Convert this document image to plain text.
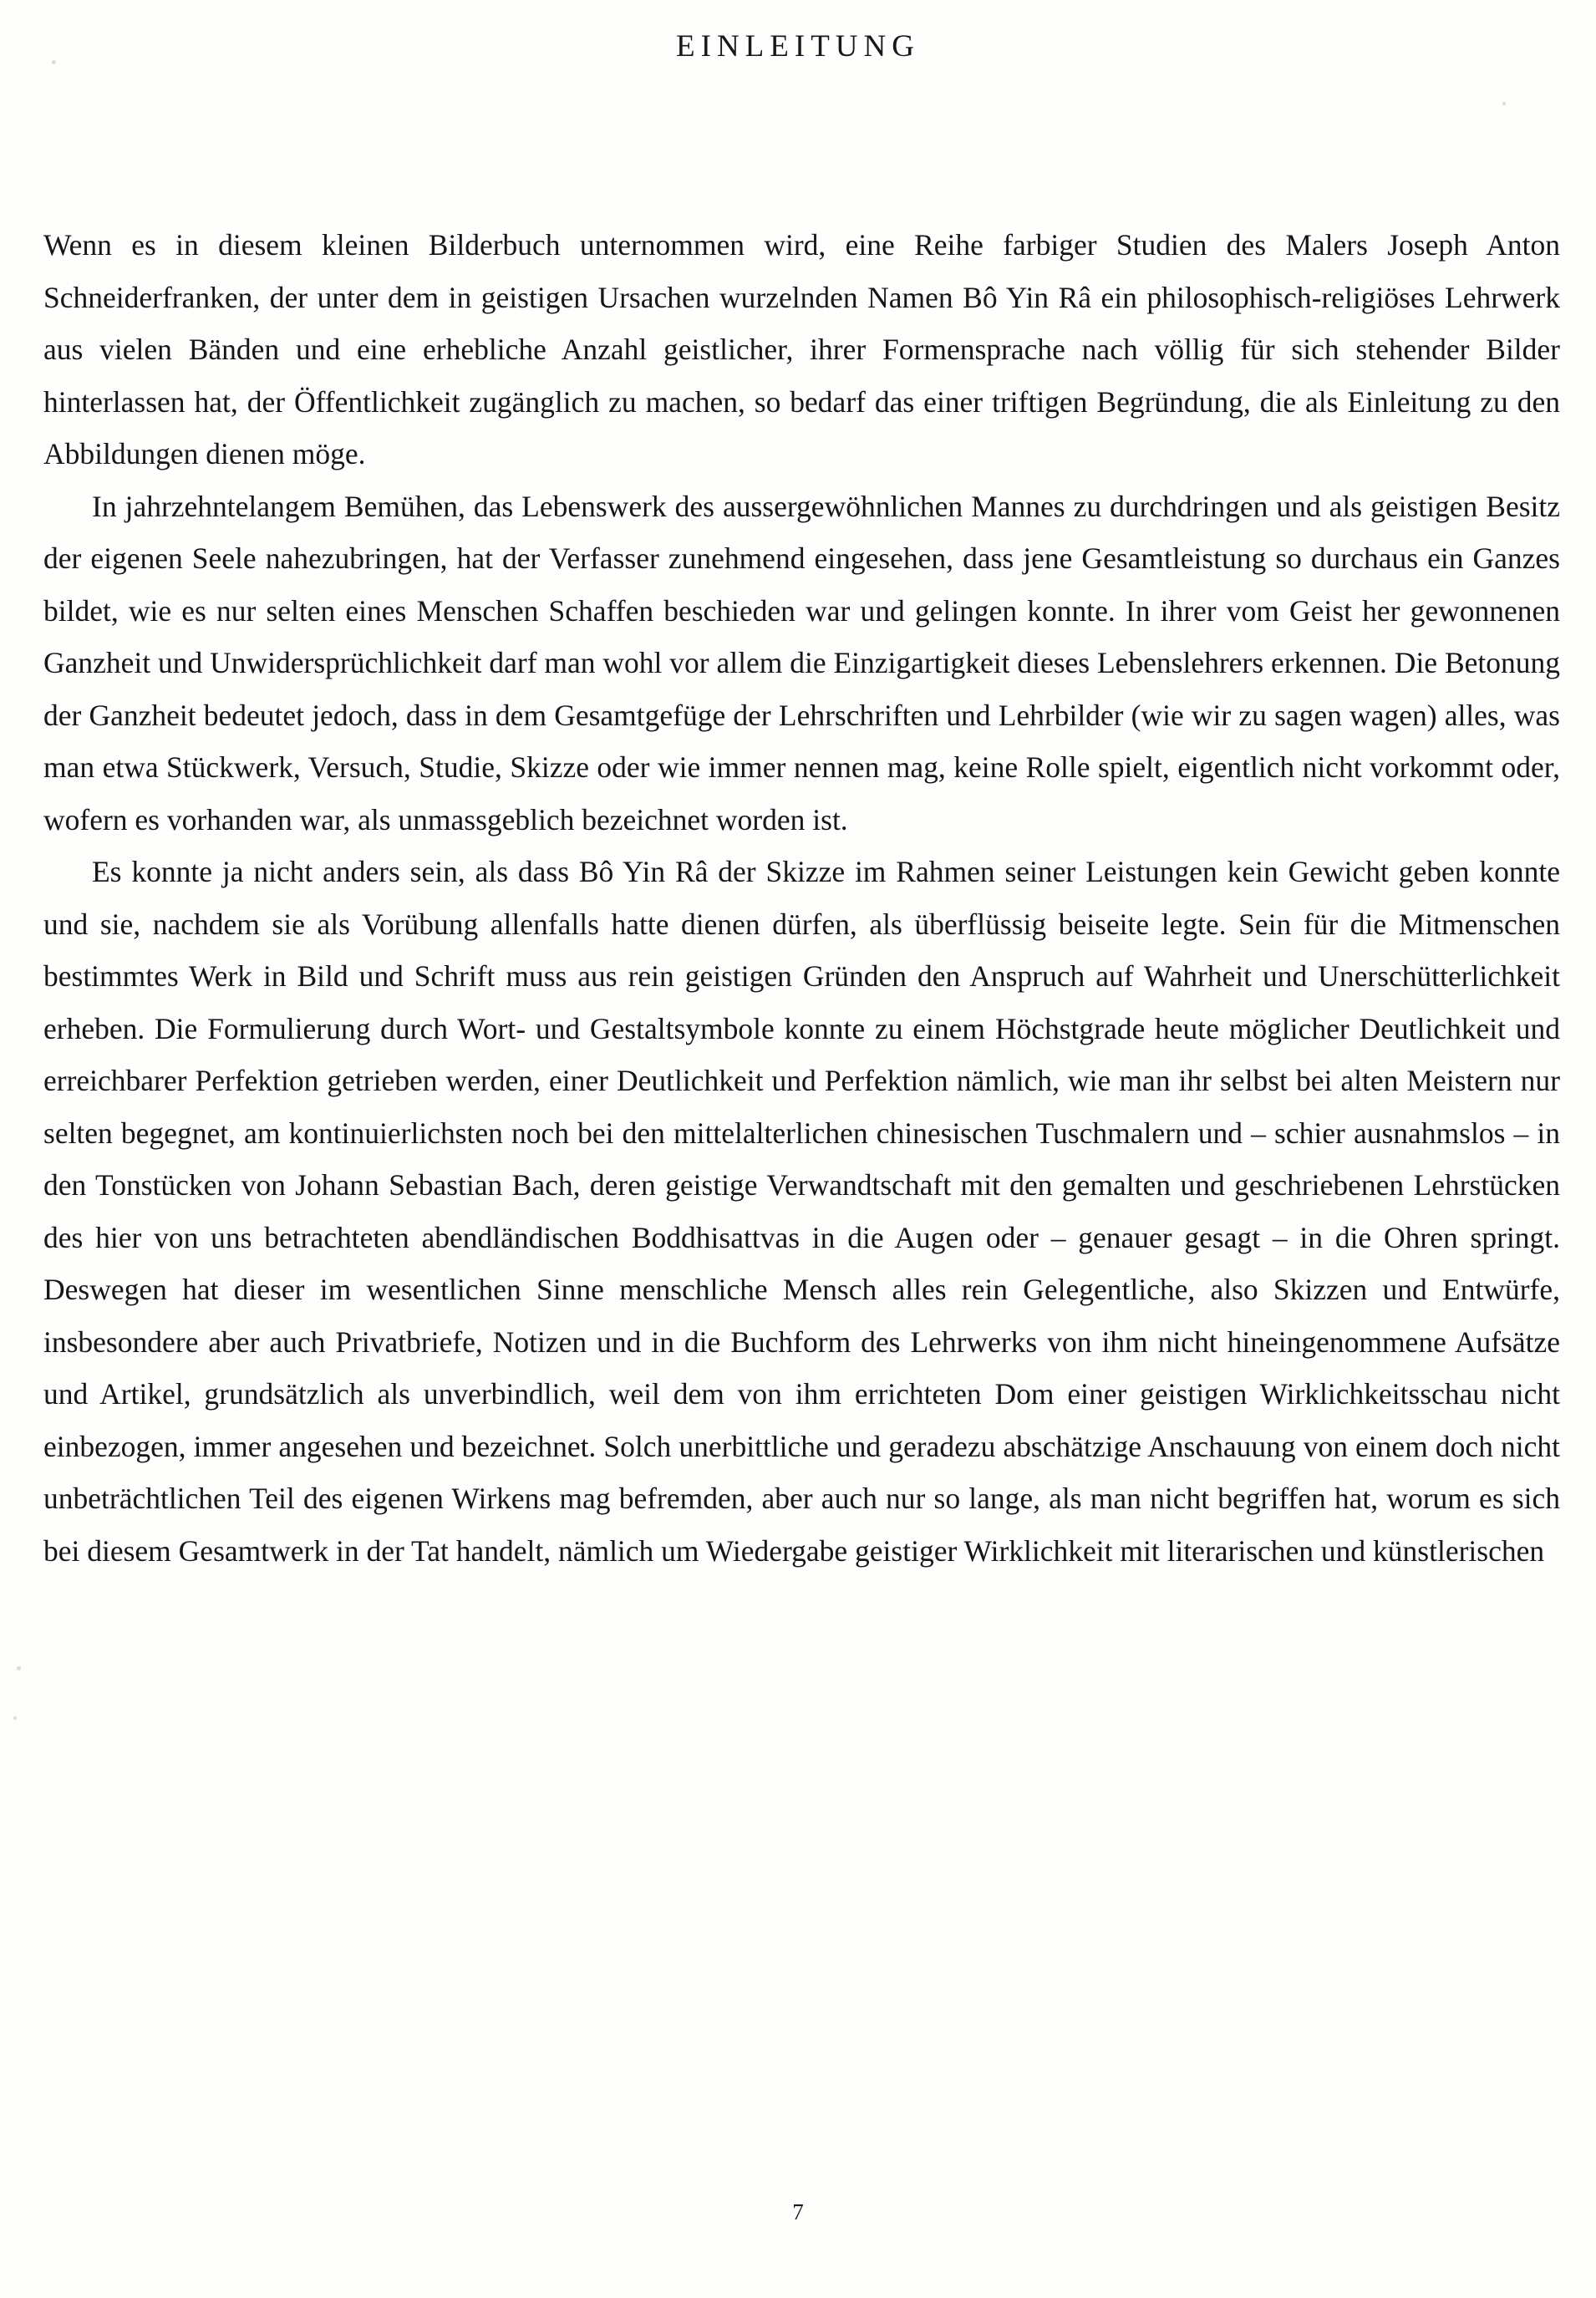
EINLEITUNG

Wenn es in diesem kleinen Bilderbuch unternommen wird, eine Reihe farbiger Studien des Malers Joseph Anton Schneiderfranken, der unter dem in geistigen Ursachen wurzelnden Namen Bô Yin Râ ein philosophisch-religiöses Lehrwerk aus vielen Bänden und eine erhebliche Anzahl geistlicher, ihrer Formensprache nach völlig für sich stehender Bilder hinterlassen hat, der Öffentlichkeit zugänglich zu machen, so bedarf das einer triftigen Begründung, die als Einleitung zu den Abbildungen dienen möge.

In jahrzehntelangem Bemühen, das Lebenswerk des aussergewöhnlichen Mannes zu durchdringen und als geistigen Besitz der eigenen Seele nahezubringen, hat der Verfasser zunehmend eingesehen, dass jene Gesamtleistung so durchaus ein Ganzes bildet, wie es nur selten eines Menschen Schaffen beschieden war und gelingen konnte. In ihrer vom Geist her gewonnenen Ganzheit und Unwidersprüchlichkeit darf man wohl vor allem die Einzigartigkeit dieses Lebenslehrers erkennen. Die Betonung der Ganzheit bedeutet jedoch, dass in dem Gesamtgefüge der Lehrschriften und Lehrbilder (wie wir zu sagen wagen) alles, was man etwa Stückwerk, Versuch, Studie, Skizze oder wie immer nennen mag, keine Rolle spielt, eigentlich nicht vorkommt oder, wofern es vorhanden war, als unmassgeblich bezeichnet worden ist.

Es konnte ja nicht anders sein, als dass Bô Yin Râ der Skizze im Rahmen seiner Leistungen kein Gewicht geben konnte und sie, nachdem sie als Vorübung allenfalls hatte dienen dürfen, als überflüssig beiseite legte. Sein für die Mitmenschen bestimmtes Werk in Bild und Schrift muss aus rein geistigen Gründen den Anspruch auf Wahrheit und Unerschütterlichkeit erheben. Die Formulierung durch Wort- und Gestaltsymbole konnte zu einem Höchstgrade heute möglicher Deutlichkeit und erreichbarer Perfektion getrieben werden, einer Deutlichkeit und Perfektion nämlich, wie man ihr selbst bei alten Meistern nur selten begegnet, am kontinuierlichsten noch bei den mittelalterlichen chinesischen Tuschmalern und – schier ausnahmslos – in den Tonstücken von Johann Sebastian Bach, deren geistige Verwandtschaft mit den gemalten und geschriebenen Lehrstücken des hier von uns betrachteten abendländischen Boddhisattvas in die Augen oder – genauer gesagt – in die Ohren springt. Deswegen hat dieser im wesentlichen Sinne menschliche Mensch alles rein Gelegentliche, also Skizzen und Entwürfe, insbesondere aber auch Privatbriefe, Notizen und in die Buchform des Lehrwerks von ihm nicht hineingenommene Aufsätze und Artikel, grundsätzlich als unverbindlich, weil dem von ihm errichteten Dom einer geistigen Wirklichkeitsschau nicht einbezogen, immer angesehen und bezeichnet. Solch unerbittliche und geradezu abschätzige Anschauung von einem doch nicht unbeträchtlichen Teil des eigenen Wirkens mag befremden, aber auch nur so lange, als man nicht begriffen hat, worum es sich bei diesem Gesamtwerk in der Tat handelt, nämlich um Wiedergabe geistiger Wirklichkeit mit literarischen und künstlerischen

7
